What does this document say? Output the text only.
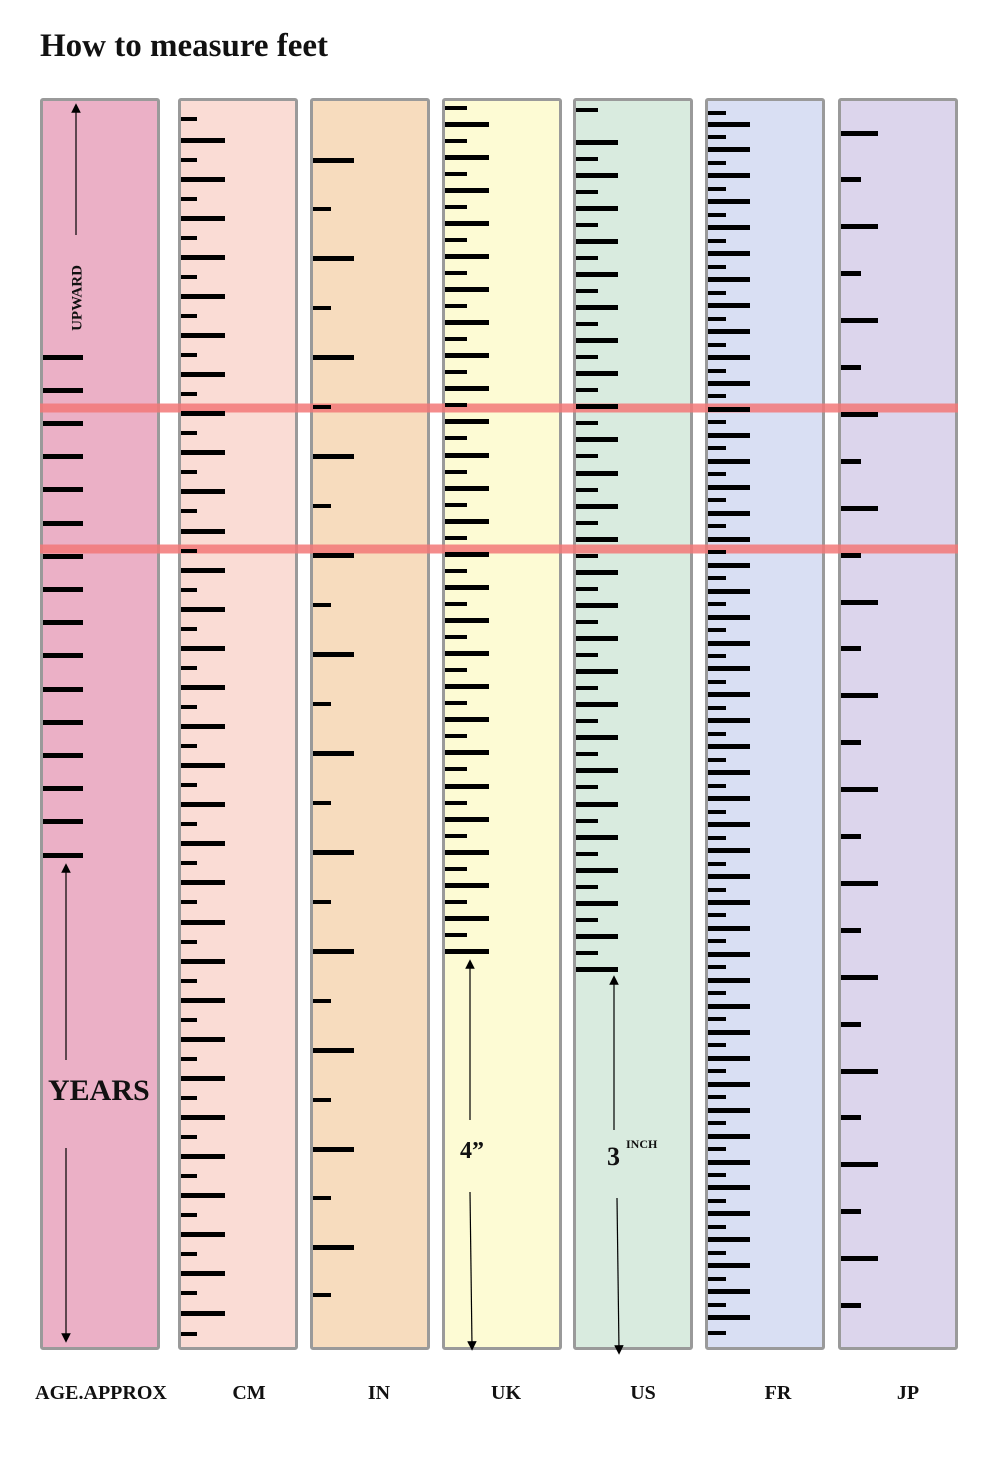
How to measure feet
UPWARD
YEARS
4”	3 INCH
AGE.APPROX	CM	IN	UK	US	FR	JP
